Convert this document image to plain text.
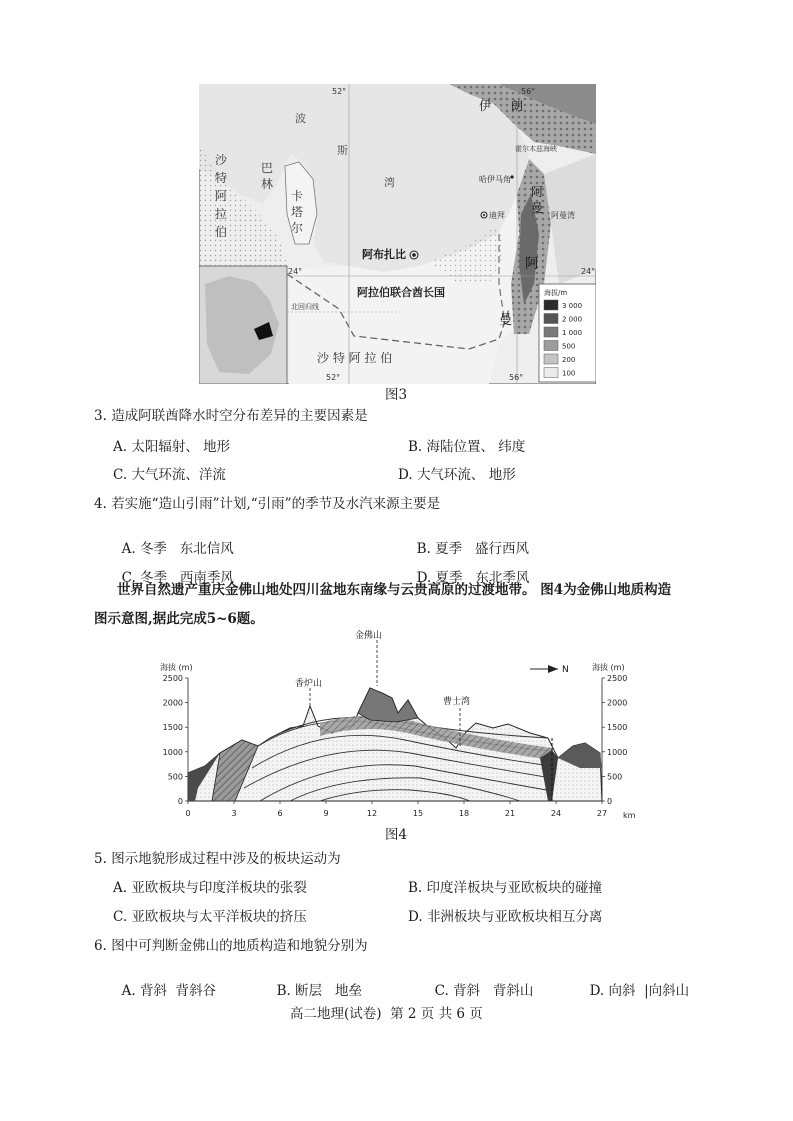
52°	56°
24°	24°
52°	56°
波
斯
湾
伊 朗
沙
特
阿
拉
伯
巴
林
卡
塔
尔
霍尔木兹海峡
哈伊马角
迪拜
阿布扎比
阿拉伯联合酋长国
阿
曼
阿曼湾
阿
曼
北回归线
沙 特 阿 拉 伯
海拔/m
3 000
2 000
1 000
500
200
100
图3
3. 造成阿联酋降水时空分布差异的主要因素是
A. 太阳辐射、 地形	B. 海陆位置、 纬度
C. 大气环流、洋流	D. 大气环流、 地形
4. 若实施“造山引雨”计划,“引雨”的季节及水汽来源主要是

A. 冬季   东北信风	B. 夏季   盛行西风

C. 冬季   西南季风	D. 夏季   东北季风

世界自然遗产重庆金佛山地处四川盆地东南缘与云贵高原的过渡地带。 图4为金佛山地质构造
图示意图,据此完成5~6题。
2500	2500
2000	2000
1500	1500
1000	1000
500	500
0	0
0	3	6	9	12	15	18	21	24	27
海拔 (m)	海拔 (m)
km
金佛山
香炉山
曹士湾
N
图4
5. 图示地貌形成过程中涉及的板块运动为
A. 亚欧板块与印度洋板块的张裂	B. 印度洋板块与亚欧板块的碰撞
C. 亚欧板块与太平洋板块的挤压	D. 非洲板块与亚欧板块相互分离
6. 图中可判断金佛山的地质构造和地貌分别为

A. 背斜  背斜谷	B. 断层   地垒	C. 背斜   背斜山	D. 向斜  |向斜山

高二地理(试卷)  第 2 页 共 6 页
